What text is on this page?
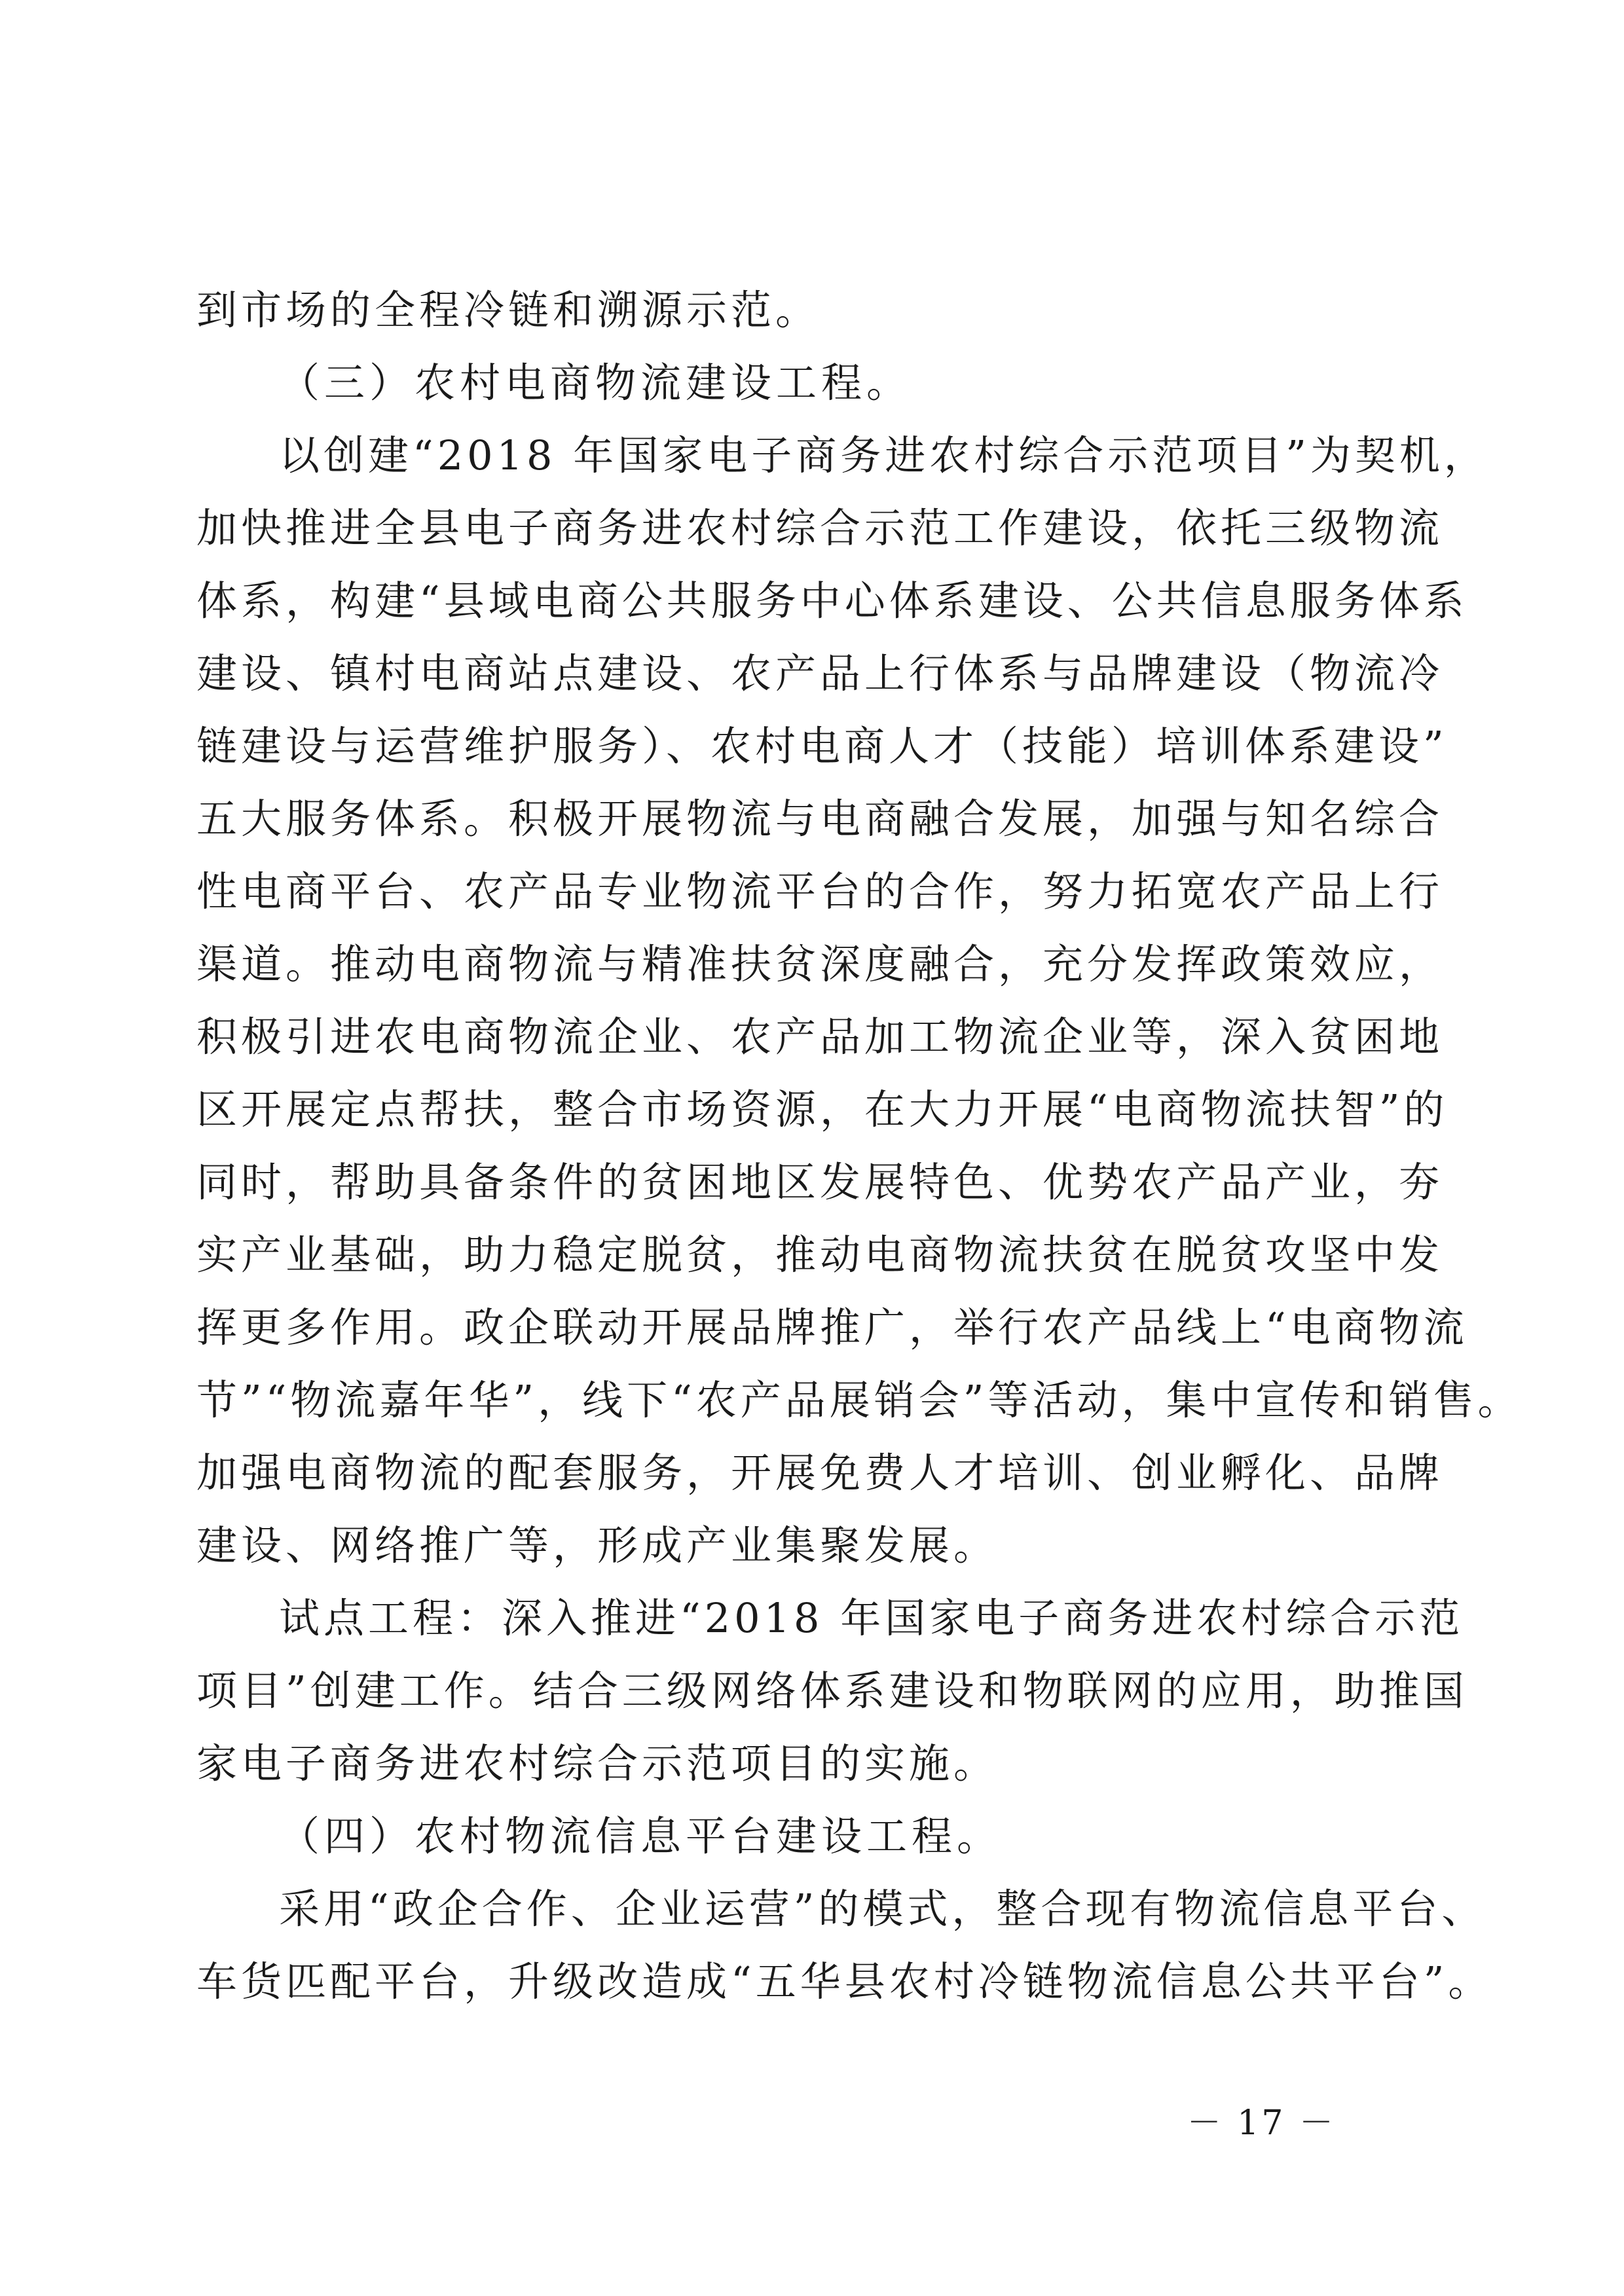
到市场的全程冷链和溯源示范。
（三）农村电商物流建设工程。
以创建“2018 年国家电子商务进农村综合示范项目”为契机，
加快推进全县电子商务进农村综合示范工作建设，依托三级物流
体系，构建“县域电商公共服务中心体系建设、公共信息服务体系
建设、镇村电商站点建设、农产品上行体系与品牌建设（物流冷
链建设与运营维护服务）、农村电商人才（技能）培训体系建设”
五大服务体系。积极开展物流与电商融合发展，加强与知名综合
性电商平台、农产品专业物流平台的合作，努力拓宽农产品上行
渠道。推动电商物流与精准扶贫深度融合，充分发挥政策效应，
积极引进农电商物流企业、农产品加工物流企业等，深入贫困地
区开展定点帮扶，整合市场资源，在大力开展“电商物流扶智”的
同时，帮助具备条件的贫困地区发展特色、优势农产品产业，夯
实产业基础，助力稳定脱贫，推动电商物流扶贫在脱贫攻坚中发
挥更多作用。政企联动开展品牌推广，举行农产品线上“电商物流
节”“物流嘉年华”，线下“农产品展销会”等活动，集中宣传和销售。
加强电商物流的配套服务，开展免费人才培训、创业孵化、品牌
建设、网络推广等，形成产业集聚发展。
试点工程：深入推进“2018 年国家电子商务进农村综合示范
项目”创建工作。结合三级网络体系建设和物联网的应用，助推国
家电子商务进农村综合示范项目的实施。
（四）农村物流信息平台建设工程。
采用“政企合作、企业运营”的模式，整合现有物流信息平台、
车货匹配平台，升级改造成“五华县农村冷链物流信息公共平台”。
－ 17 －
